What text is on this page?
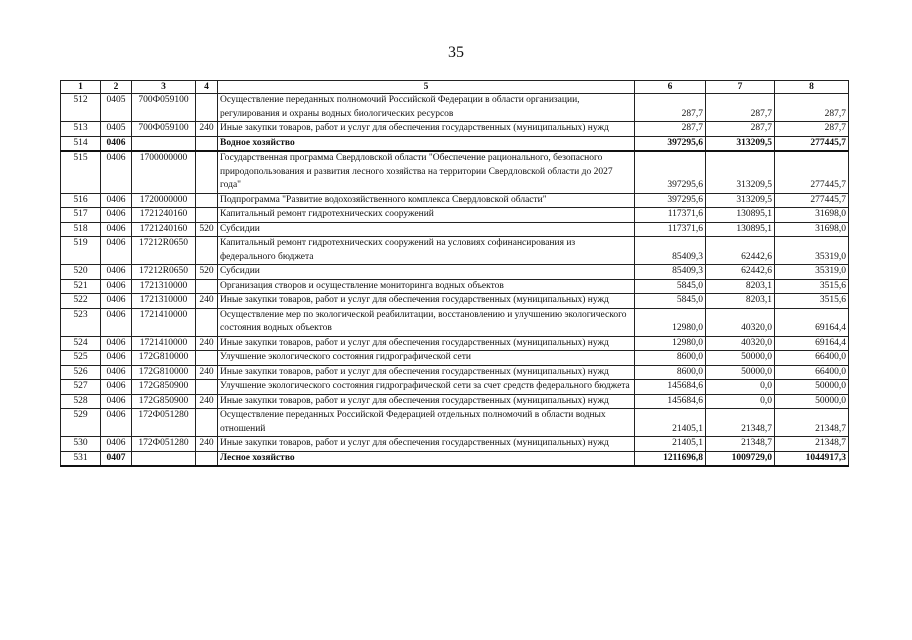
35
1	2	3	4	5	6	7	8
512	0405	700Ф059100		Осуществление переданных полномочий Российской Федерации в области организации, регулирования и охраны водных биологических ресурсов	287,7	287,7	287,7
513	0405	700Ф059100	240	Иные закупки товаров, работ и услуг для обеспечения государственных (муниципальных) нужд	287,7	287,7	287,7
514	0406			Водное хозяйство	397295,6	313209,5	277445,7
515	0406	1700000000		Государственная программа Свердловской области "Обеспечение рационального, безопасного природопользования и развития лесного хозяйства на территории Свердловской области до 2027 года"	397295,6	313209,5	277445,7
516	0406	1720000000		Подпрограмма "Развитие водохозяйственного комплекса Свердловской области"	397295,6	313209,5	277445,7
517	0406	1721240160		Капитальный ремонт гидротехнических сооружений	117371,6	130895,1	31698,0
518	0406	1721240160	520	Субсидии	117371,6	130895,1	31698,0
519	0406	17212R0650		Капитальный ремонт гидротехнических сооружений на условиях софинансирования из федерального бюджета	85409,3	62442,6	35319,0
520	0406	17212R0650	520	Субсидии	85409,3	62442,6	35319,0
521	0406	1721310000		Организация створов и осуществление мониторинга водных объектов	5845,0	8203,1	3515,6
522	0406	1721310000	240	Иные закупки товаров, работ и услуг для обеспечения государственных (муниципальных) нужд	5845,0	8203,1	3515,6
523	0406	1721410000		Осуществление мер по экологической реабилитации, восстановлению и улучшению экологического состояния водных объектов	12980,0	40320,0	69164,4
524	0406	1721410000	240	Иные закупки товаров, работ и услуг для обеспечения государственных (муниципальных) нужд	12980,0	40320,0	69164,4
525	0406	172G810000		Улучшение экологического состояния гидрографической сети	8600,0	50000,0	66400,0
526	0406	172G810000	240	Иные закупки товаров, работ и услуг для обеспечения государственных (муниципальных) нужд	8600,0	50000,0	66400,0
527	0406	172G850900		Улучшение экологического состояния гидрографической сети за счет средств федерального бюджета	145684,6	0,0	50000,0
528	0406	172G850900	240	Иные закупки товаров, работ и услуг для обеспечения государственных (муниципальных) нужд	145684,6	0,0	50000,0
529	0406	172Ф051280		Осуществление переданных Российской Федерацией отдельных полномочий в области водных отношений	21405,1	21348,7	21348,7
530	0406	172Ф051280	240	Иные закупки товаров, работ и услуг для обеспечения государственных (муниципальных) нужд	21405,1	21348,7	21348,7
531	0407			Лесное хозяйство	1211696,8	1009729,0	1044917,3
